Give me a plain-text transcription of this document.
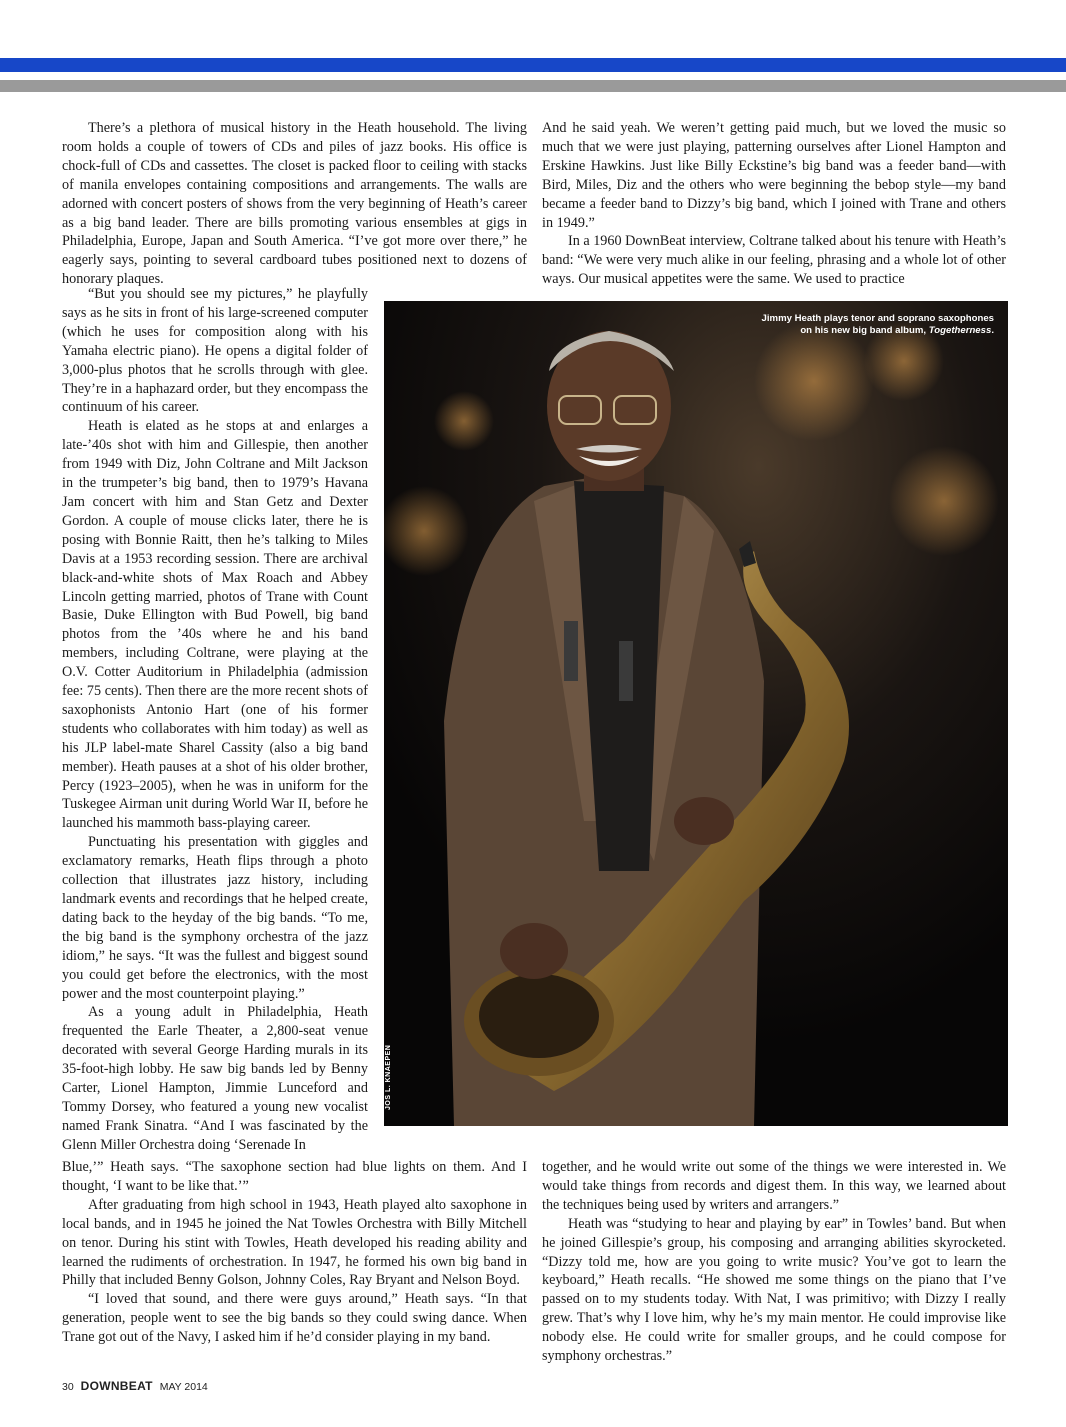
There’s a plethora of musical history in the Heath household. The living room holds a couple of towers of CDs and piles of jazz books. His office is chock-full of CDs and cassettes. The closet is packed floor to ceiling with stacks of manila envelopes containing compositions and arrangements. The walls are adorned with concert posters of shows from the very beginning of Heath’s career as a big band leader. There are bills promoting various ensembles at gigs in Philadelphia, Europe, Japan and South America. “I’ve got more over there,” he eagerly says, pointing to several cardboard tubes positioned next to dozens of honorary plaques.

“But you should see my pictures,” he playfully says as he sits in front of his large-screened computer (which he uses for composition along with his Yamaha electric piano). He opens a digital folder of 3,000-plus photos that he scrolls through with glee. They’re in a haphazard order, but they encompass the continuum of his career.

Heath is elated as he stops at and enlarges a late-’40s shot with him and Gillespie, then another from 1949 with Diz, John Coltrane and Milt Jackson in the trumpeter’s big band, then to 1979’s Havana Jam concert with him and Stan Getz and Dexter Gordon. A couple of mouse clicks later, there he is posing with Bonnie Raitt, then he’s talking to Miles Davis at a 1953 recording session. There are archival black-and-white shots of Max Roach and Abbey Lincoln getting married, photos of Trane with Count Basie, Duke Ellington with Bud Powell, big band photos from the ’40s where he and his band members, including Coltrane, were playing at the O.V. Cotter Auditorium in Philadelphia (admission fee: 75 cents). Then there are the more recent shots of saxophonists Antonio Hart (one of his former students who collaborates with him today) as well as his JLP label-mate Sharel Cassity (also a big band member). Heath pauses at a shot of his older brother, Percy (1923–2005), when he was in uniform for the Tuskegee Airman unit during World War II, before he launched his mammoth bass-playing career.

Punctuating his presentation with giggles and exclamatory remarks, Heath flips through a photo collection that illustrates jazz history, including landmark events and recordings that he helped create, dating back to the heyday of the big bands. “To me, the big band is the symphony orchestra of the jazz idiom,” he says. “It was the fullest and biggest sound you could get before the electronics, with the most power and the most counterpoint playing.”

As a young adult in Philadelphia, Heath frequented the Earle Theater, a 2,800-seat venue decorated with several George Harding murals in its 35-foot-high lobby. He saw big bands led by Benny Carter, Lionel Hampton, Jimmie Lunceford and Tommy Dorsey, who featured a young new vocalist named Frank Sinatra. “And I was fascinated by the Glenn Miller Orchestra doing ‘Serenade In

Blue,’” Heath says. “The saxophone section had blue lights on them. And I thought, ‘I want to be like that.’”

After graduating from high school in 1943, Heath played alto saxophone in local bands, and in 1945 he joined the Nat Towles Orchestra with Billy Mitchell on tenor. During his stint with Towles, Heath developed his reading ability and learned the rudiments of orchestration. In 1947, he formed his own big band in Philly that included Benny Golson, Johnny Coles, Ray Bryant and Nelson Boyd.

“I loved that sound, and there were guys around,” Heath says. “In that generation, people went to see the big bands so they could swing dance. When Trane got out of the Navy, I asked him if he’d consider playing in my band.

And he said yeah. We weren’t getting paid much, but we loved the music so much that we were just playing, patterning ourselves after Lionel Hampton and Erskine Hawkins. Just like Billy Eckstine’s big band was a feeder band—with Bird, Miles, Diz and the others who were beginning the bebop style—my band became a feeder band to Dizzy’s big band, which I joined with Trane and others in 1949.”

In a 1960 DownBeat interview, Coltrane talked about his tenure with Heath’s band: “We were very much alike in our feeling, phrasing and a whole lot of other ways. Our musical appetites were the same. We used to practice

Jimmy Heath plays tenor and soprano saxophones
on his new big band album, Togetherness.
JOS L. KNAEPEN

together, and he would write out some of the things we were interested in. We would take things from records and digest them. In this way, we learned about the techniques being used by writers and arrangers.”

Heath was “studying to hear and playing by ear” in Towles’ band. But when he joined Gillespie’s group, his composing and arranging abilities skyrocketed. “Dizzy told me, how are you going to write music? You’ve got to learn the keyboard,” Heath recalls. “He showed me some things on the piano that I’ve passed on to my students today. With Nat, I was primitivo; with Dizzy I really grew. That’s why I love him, why he’s my main mentor. He could improvise like nobody else. He could write for smaller groups, and he could compose for symphony orchestras.”

30 DOWNBEAT MAY 2014
